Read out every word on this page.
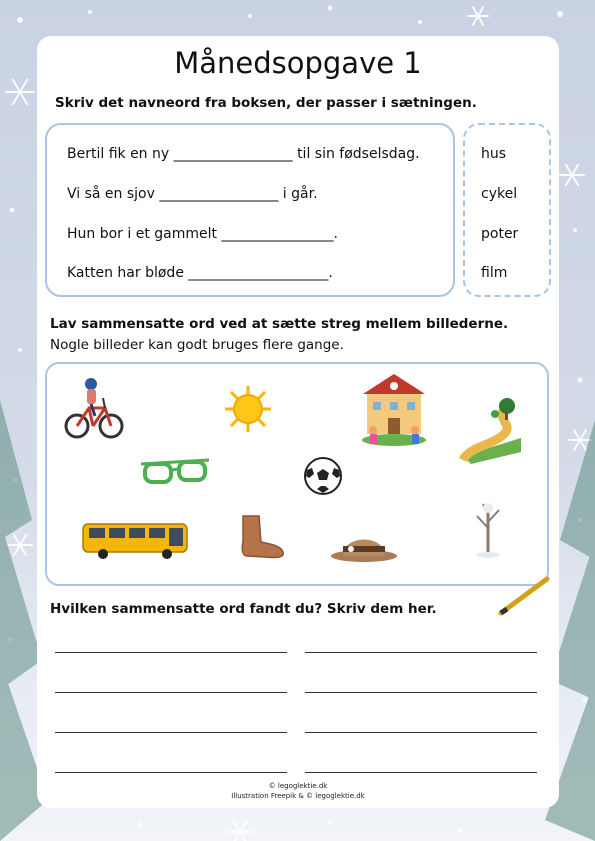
Månedsopgave 1
Skriv det navneord fra boksen, der passer i sætningen.
Bertil fik en ny _________________ til sin fødselsdag.
Vi så en sjov _________________ i går.
Hun bor i et gammelt ________________.
Katten har bløde ____________________.
hus
cykel
poter
film
Lav sammensatte ord ved at sætte streg mellem billederne.
Nogle billeder kan godt bruges flere gange.
Hvilken sammensatte ord fandt du? Skriv dem her.
© legoglektie.dk
Illustration Freepik & © legoglektie.dk
